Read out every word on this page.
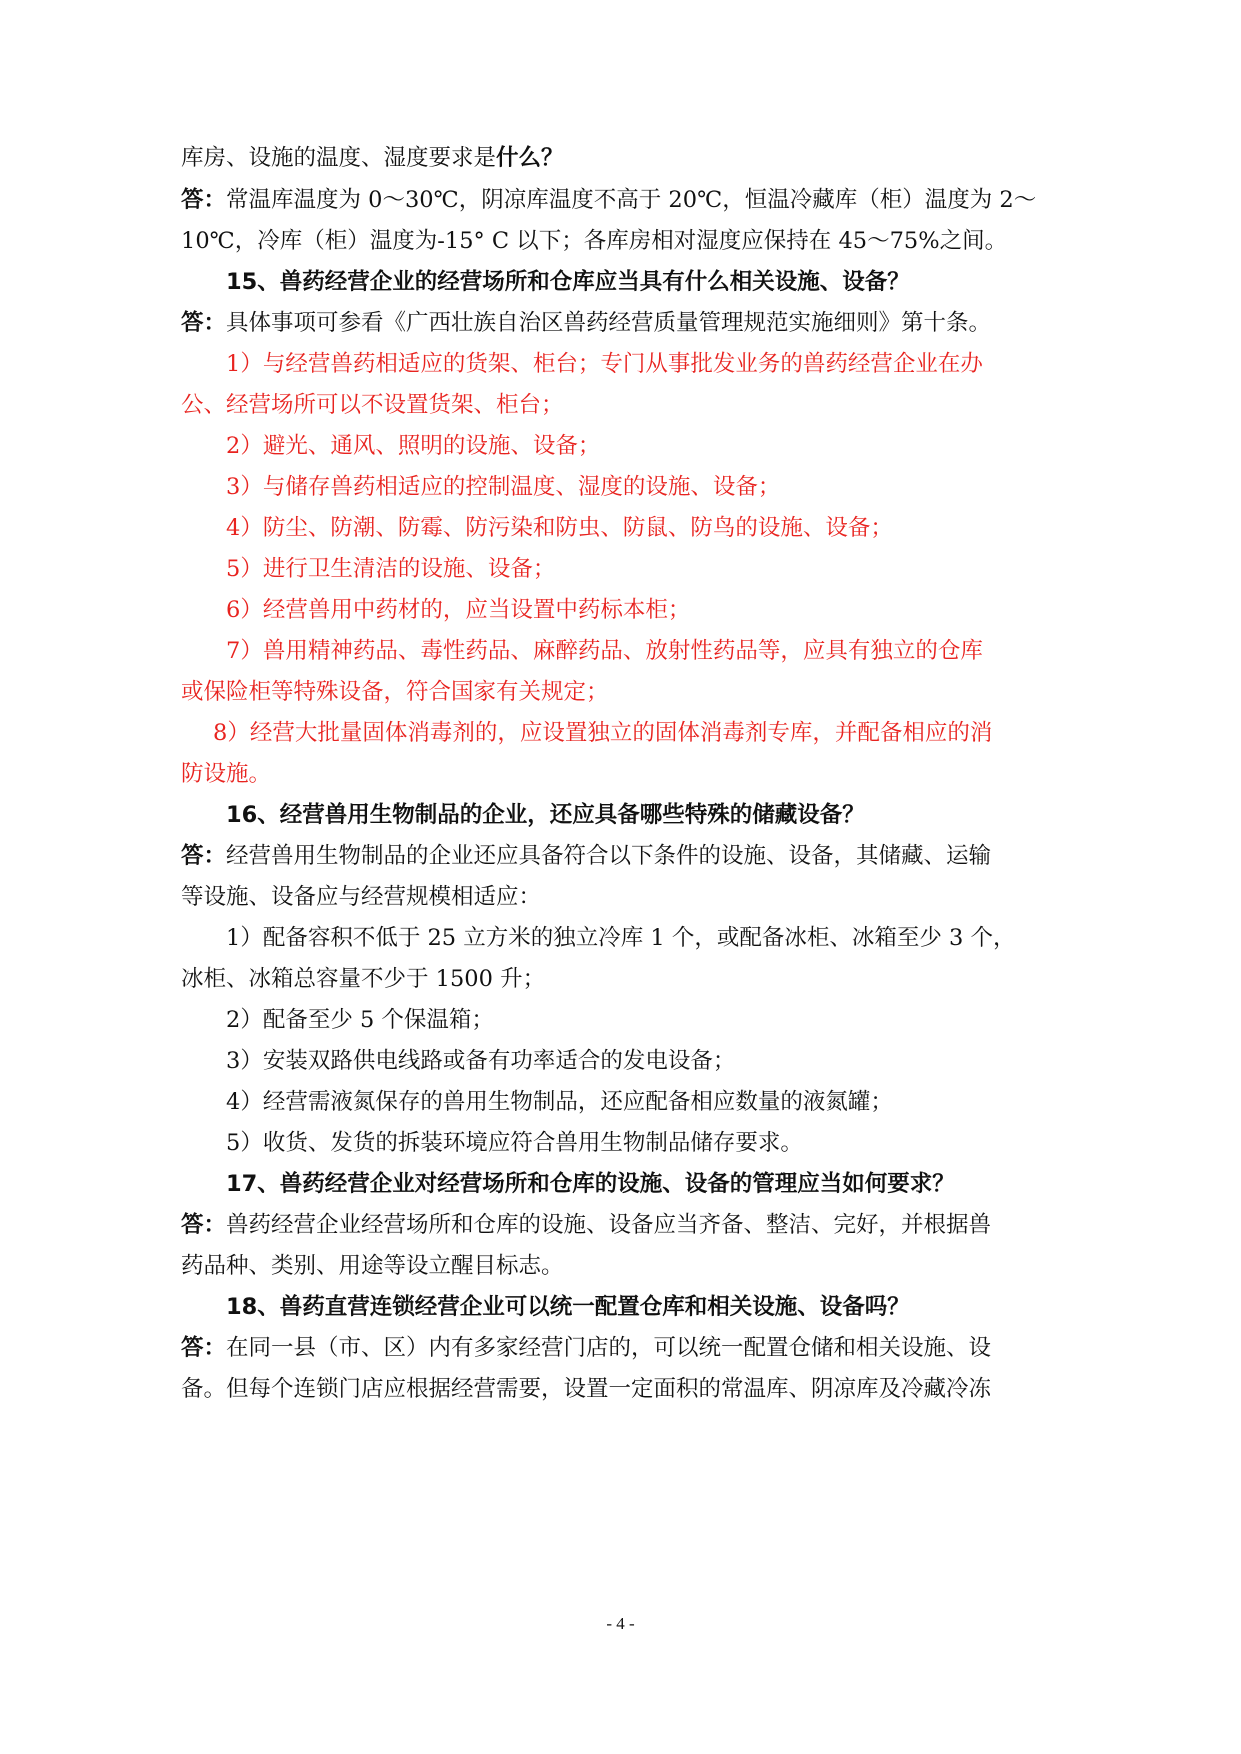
库房、设施的温度、湿度要求是什么？
答：常温库温度为 0～30℃，阴凉库温度不高于 20℃，恒温冷藏库（柜）温度为 2～
10℃，冷库（柜）温度为-15° C 以下；各库房相对湿度应保持在 45～75%之间。
15、兽药经营企业的经营场所和仓库应当具有什么相关设施、设备？
答：具体事项可参看《广西壮族自治区兽药经营质量管理规范实施细则》第十条。
1）与经营兽药相适应的货架、柜台；专门从事批发业务的兽药经营企业在办
公、经营场所可以不设置货架、柜台；
2）避光、通风、照明的设施、设备；
3）与储存兽药相适应的控制温度、湿度的设施、设备；
4）防尘、防潮、防霉、防污染和防虫、防鼠、防鸟的设施、设备；
5）进行卫生清洁的设施、设备；
6）经营兽用中药材的，应当设置中药标本柜；
7）兽用精神药品、毒性药品、麻醉药品、放射性药品等，应具有独立的仓库
或保险柜等特殊设备，符合国家有关规定；
8）经营大批量固体消毒剂的，应设置独立的固体消毒剂专库，并配备相应的消
防设施。
16、经营兽用生物制品的企业，还应具备哪些特殊的储藏设备？
答：经营兽用生物制品的企业还应具备符合以下条件的设施、设备，其储藏、运输
等设施、设备应与经营规模相适应：
1）配备容积不低于 25 立方米的独立冷库 1 个，或配备冰柜、冰箱至少 3 个，
冰柜、冰箱总容量不少于 1500 升；
2）配备至少 5 个保温箱；
3）安装双路供电线路或备有功率适合的发电设备；
4）经营需液氮保存的兽用生物制品，还应配备相应数量的液氮罐；
5）收货、发货的拆装环境应符合兽用生物制品储存要求。
17、兽药经营企业对经营场所和仓库的设施、设备的管理应当如何要求？
答：兽药经营企业经营场所和仓库的设施、设备应当齐备、整洁、完好，并根据兽
药品种、类别、用途等设立醒目标志。
18、兽药直营连锁经营企业可以统一配置仓库和相关设施、设备吗？
答：在同一县（市、区）内有多家经营门店的，可以统一配置仓储和相关设施、设
备。但每个连锁门店应根据经营需要，设置一定面积的常温库、阴凉库及冷藏冷冻
- 4 -
